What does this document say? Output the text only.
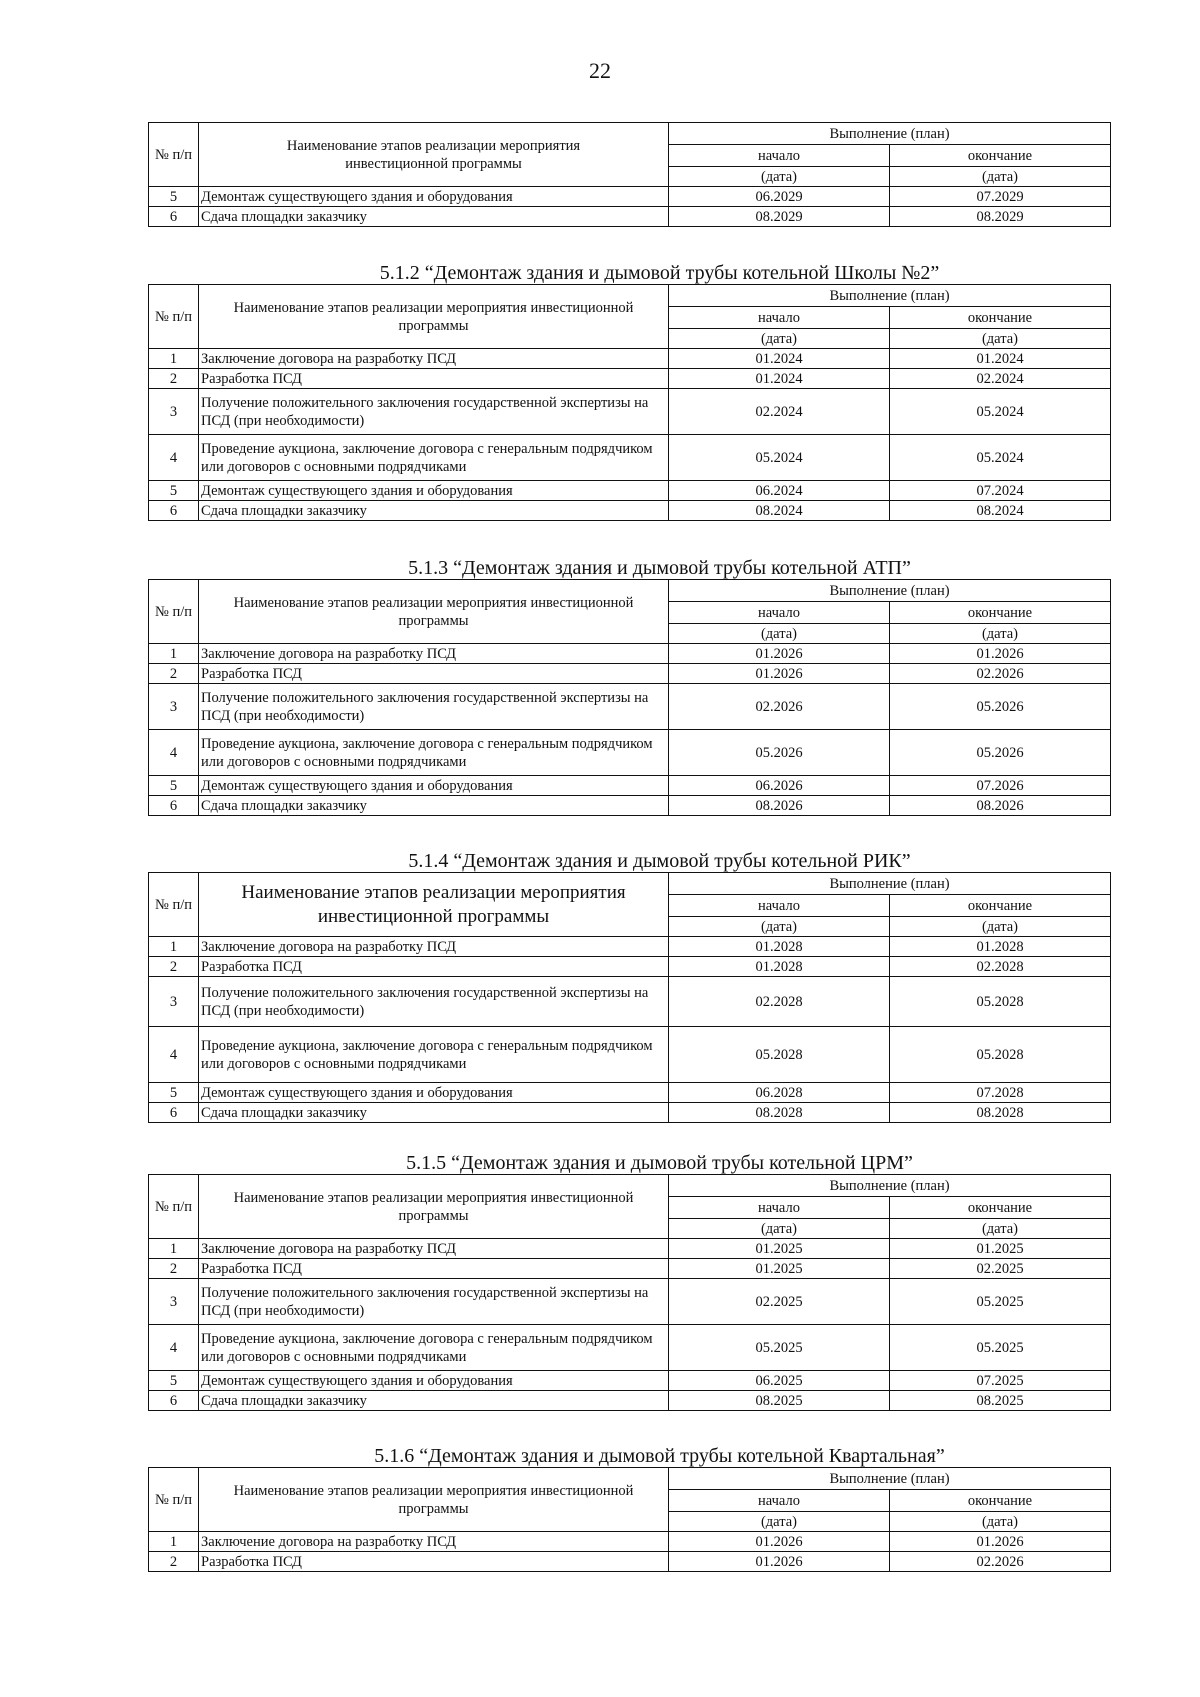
22
№ п/п	Наименование этапов реализации мероприятия инвестиционной программы	Выполнение (план)	
		начало	окончание
		(дата)	(дата)
5	Демонтаж существующего здания и оборудования	06.2029	07.2029
6	Сдача площадки заказчику	08.2029	08.2029
5.1.2 “Демонтаж здания и дымовой трубы котельной Школы №2”
№ п/п	Наименование этапов реализации мероприятия инвестиционной программы	Выполнение (план)	
		начало	окончание
		(дата)	(дата)
1	Заключение договора на разработку ПСД	01.2024	01.2024
2	Разработка ПСД	01.2024	02.2024
3	Получение положительного заключения государственной экспертизы на ПСД (при необходимости)	02.2024	05.2024
4	Проведение аукциона, заключение договора с генеральным подрядчиком или договоров с основными подрядчиками	05.2024	05.2024
5	Демонтаж существующего здания и оборудования	06.2024	07.2024
6	Сдача площадки заказчику	08.2024	08.2024
5.1.3 “Демонтаж здания и дымовой трубы котельной АТП”
№ п/п	Наименование этапов реализации мероприятия инвестиционной программы	Выполнение (план)	
		начало	окончание
		(дата)	(дата)
1	Заключение договора на разработку ПСД	01.2026	01.2026
2	Разработка ПСД	01.2026	02.2026
3	Получение положительного заключения государственной экспертизы на ПСД (при необходимости)	02.2026	05.2026
4	Проведение аукциона, заключение договора с генеральным подрядчиком или договоров с основными подрядчиками	05.2026	05.2026
5	Демонтаж существующего здания и оборудования	06.2026	07.2026
6	Сдача площадки заказчику	08.2026	08.2026
5.1.4 “Демонтаж здания и дымовой трубы котельной РИК”
№ п/п	Наименование этапов реализации мероприятия инвестиционной программы	Выполнение (план)	
		начало	окончание
		(дата)	(дата)
1	Заключение договора на разработку ПСД	01.2028	01.2028
2	Разработка ПСД	01.2028	02.2028
3	Получение положительного заключения государственной экспертизы на ПСД (при необходимости)	02.2028	05.2028
4	Проведение аукциона, заключение договора с генеральным подрядчиком или договоров с основными подрядчиками	05.2028	05.2028
5	Демонтаж существующего здания и оборудования	06.2028	07.2028
6	Сдача площадки заказчику	08.2028	08.2028
5.1.5 “Демонтаж здания и дымовой трубы котельной ЦРМ”
№ п/п	Наименование этапов реализации мероприятия инвестиционной программы	Выполнение (план)	
		начало	окончание
		(дата)	(дата)
1	Заключение договора на разработку ПСД	01.2025	01.2025
2	Разработка ПСД	01.2025	02.2025
3	Получение положительного заключения государственной экспертизы на ПСД (при необходимости)	02.2025	05.2025
4	Проведение аукциона, заключение договора с генеральным подрядчиком или договоров с основными подрядчиками	05.2025	05.2025
5	Демонтаж существующего здания и оборудования	06.2025	07.2025
6	Сдача площадки заказчику	08.2025	08.2025
5.1.6 “Демонтаж здания и дымовой трубы котельной Квартальная”
№ п/п	Наименование этапов реализации мероприятия инвестиционной программы	Выполнение (план)	
		начало	окончание
		(дата)	(дата)
1	Заключение договора на разработку ПСД	01.2026	01.2026
2	Разработка ПСД	01.2026	02.2026
